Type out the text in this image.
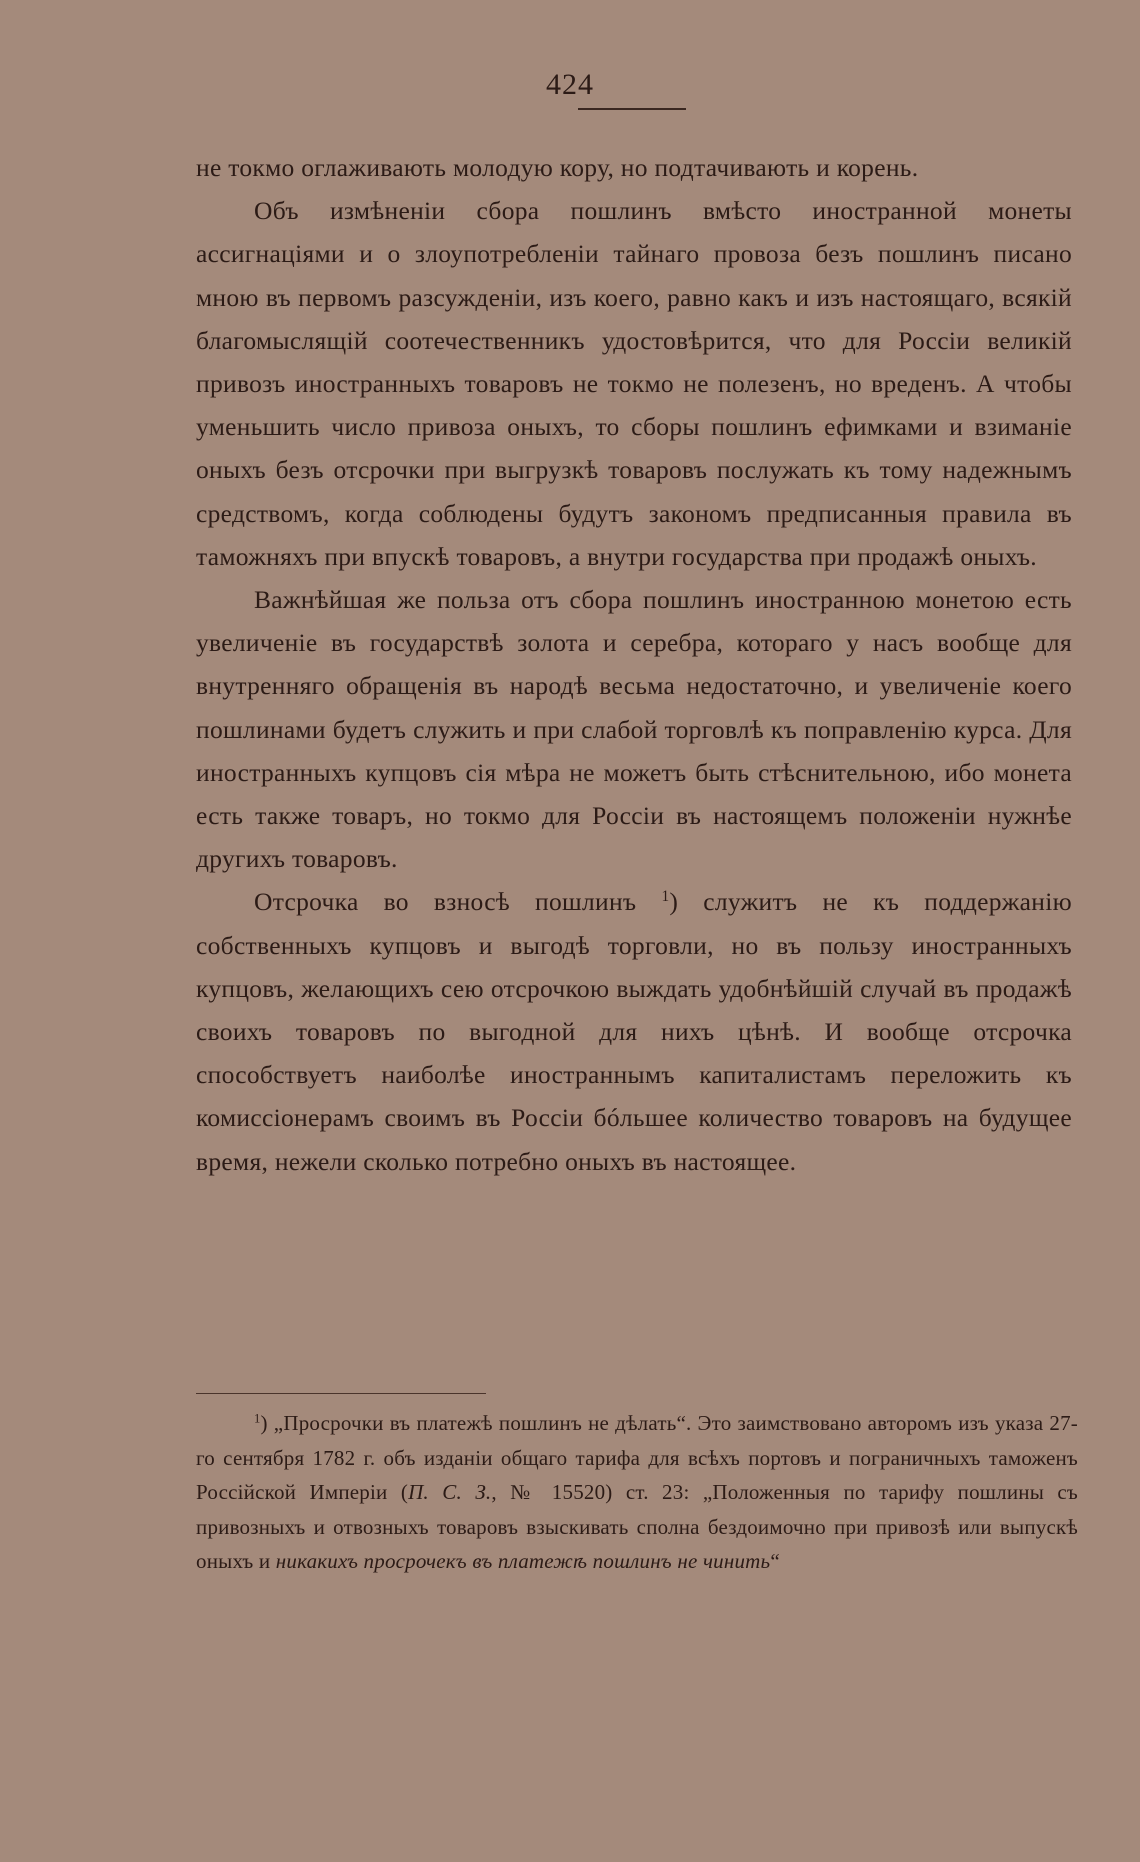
424

не токмо оглаживають молодую кору, но подтачивають и корень.

Объ измѣненіи сбора пошлинъ вмѣсто иностранной монеты ассигнаціями и о злоупотребленіи тайнаго провоза безъ пошлинъ писано мною въ первомъ разсужденіи, изъ коего, равно какъ и изъ настоящаго, всякій благомыслящій соотечественникъ удостовѣрится, что для Россіи великій привозъ иностранныхъ товаровъ не токмо не полезенъ, но вреденъ. А чтобы уменьшить число привоза оныхъ, то сборы пошлинъ ефимками и взиманіе оныхъ безъ отсрочки при выгрузкѣ товаровъ послужать къ тому надежнымъ средствомъ, когда соблюдены будутъ закономъ предписанныя правила въ таможняхъ при впускѣ товаровъ, а внутри государства при продажѣ оныхъ.

Важнѣйшая же польза отъ сбора пошлинъ иностранною монетою есть увеличеніе въ государствѣ золота и серебра, котораго у насъ вообще для внутренняго обращенія въ народѣ весьма недостаточно, и увеличеніе коего пошлинами будетъ служить и при слабой торговлѣ къ поправленію курса. Для иностранныхъ купцовъ сія мѣра не можетъ быть стѣснительною, ибо монета есть также товаръ, но токмо для Россіи въ настоящемъ положеніи нужнѣе другихъ товаровъ.

Отсрочка во взносѣ пошлинъ $^1$) служитъ не къ поддержанію собственныхъ купцовъ и выгодѣ торговли, но въ пользу иностранныхъ купцовъ, желающихъ сею отсрочкою выждать удобнѣйшій случай въ продажѣ своихъ товаровъ по выгодной для нихъ цѣнѣ. И вообще отсрочка способствуетъ наиболѣе иностраннымъ капиталистамъ переложить къ комиссіонерамъ своимъ въ Россіи бóльшее количество товаровъ на будущее время, нежели сколько потребно оныхъ въ настоящее.

$^1$) „Просрочки въ платежѣ пошлинъ не дѣлать“. Это заимствовано авторомъ изъ указа 27-го сентября 1782 г. объ изданіи общаго тарифа для всѣхъ портовъ и пограничныхъ таможенъ Россійской Имперіи (П. С. З., № 15520) ст. 23: „Положенныя по тарифу пошлины съ привозныхъ и отвозныхъ товаровъ взыскивать сполна бездоимочно при привозѣ или выпускѣ оныхъ и никакихъ просрочекъ въ платежѣ пошлинъ не чинить“
